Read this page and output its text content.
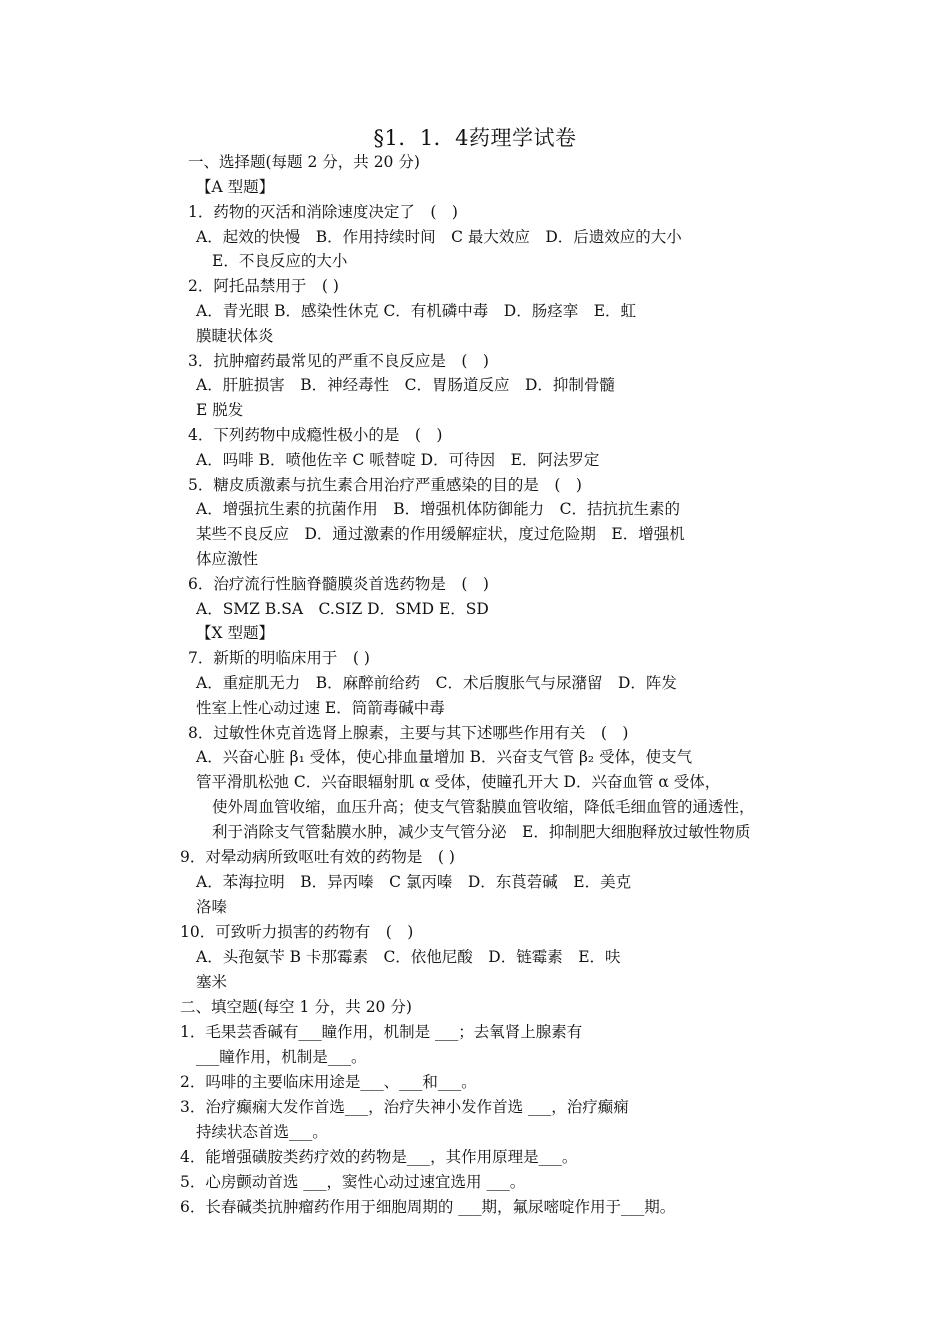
§1．1．4药理学试卷
一、选择题(每题 2 分，共 20 分)
【A 型题】
1．药物的灭活和消除速度决定了　(　)
A．起效的快慢　B．作用持续时间　C 最大效应　D．后遗效应的大小
E．不良反应的大小
2．阿托品禁用于　( )
A．青光眼 B．感染性休克 C．有机磷中毒　D．肠痉挛　E．虹
膜睫状体炎
3．抗肿瘤药最常见的严重不良反应是　(　)
A．肝脏损害　B．神经毒性　C．胃肠道反应　D．抑制骨髓
E 脱发
4．下列药物中成瘾性极小的是　(　)
A．吗啡 B．喷他佐辛 C 哌替啶 D．可待因　E．阿法罗定
5．糖皮质激素与抗生素合用治疗严重感染的目的是　(　)
A．增强抗生素的抗菌作用　B．增强机体防御能力　C．拮抗抗生素的
某些不良反应　D．通过激素的作用缓解症状，度过危险期　E．增强机
体应激性
6．治疗流行性脑脊髓膜炎首选药物是　(　)
A．SMZ B.SA　C.SIZ D．SMD E．SD
【X 型题】
7．新斯的明临床用于　( )
A．重症肌无力　B．麻醉前给药　C．术后腹胀气与尿潴留　D．阵发
性室上性心动过速 E．筒箭毒碱中毒
8．过敏性休克首选肾上腺素，主要与其下述哪些作用有关　(　)
A．兴奋心脏 β₁ 受体，使心排血量增加 B．兴奋支气管 β₂ 受体，使支气
管平滑肌松弛 C．兴奋眼辐射肌 α 受体，使瞳孔开大 D．兴奋血管 α 受体，
使外周血管收缩，血压升高；使支气管黏膜血管收缩，降低毛细血管的通透性，
利于消除支气管黏膜水肿，减少支气管分泌　E．抑制肥大细胞释放过敏性物质
9．对晕动病所致呕吐有效的药物是　( )
A．苯海拉明　B．异丙嗪　C 氯丙嗪　D．东莨菪碱　E．美克
洛嗪
10．可致听力损害的药物有　(　)
A．头孢氨苄 B 卡那霉素　C．依他尼酸　D．链霉素　E．呋
塞米
二、填空题(每空 1 分，共 20 分)
1．毛果芸香碱有___瞳作用，机制是 ___；去氧肾上腺素有
___瞳作用，机制是___。
2．吗啡的主要临床用途是___、___和___。
3．治疗癫痫大发作首选___，治疗失神小发作首选 ___，治疗癫痫
持续状态首选___。
4．能增强磺胺类药疗效的药物是___，其作用原理是___。
5．心房颤动首选 ___，窦性心动过速宜选用 ___。
6．长春碱类抗肿瘤药作用于细胞周期的 ___期，氟尿嘧啶作用于___期。
